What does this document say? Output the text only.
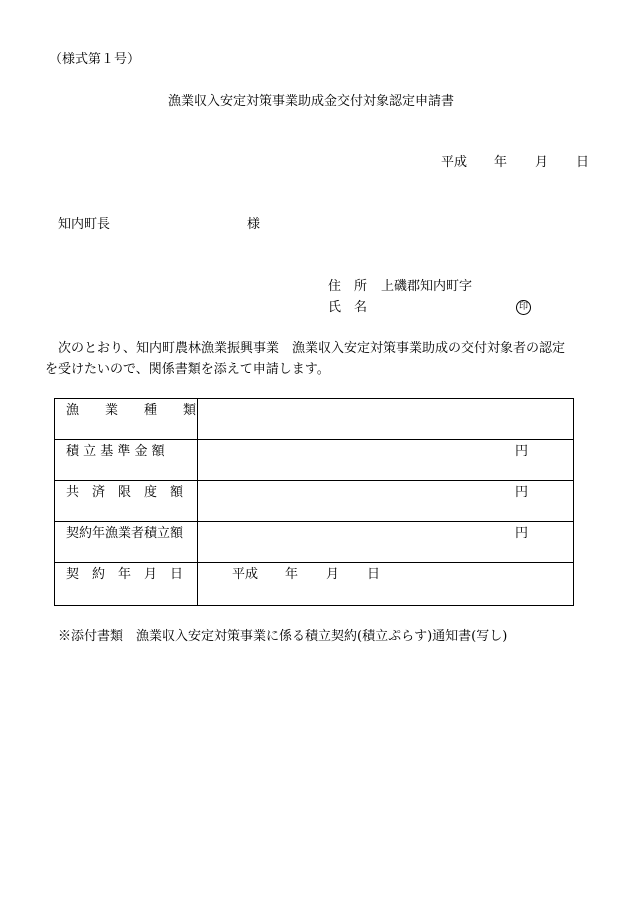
（様式第１号）
漁業収入安定対策事業助成金交付対象認定申請書
平成 年 月 日
知内町長	様
住　所 上磯郡知内町字
氏　名	印
次のとおり、知内町農林漁業振興事業　漁業収入安定対策事業助成の交付対象者の認定
を受けたいので、関係書類を添えて申請します。
漁　　業　　種　　類
積 立 基 準 金 額	円
共　済　限　度　額	円
契約年漁業者積立額	円
契　約　年　月　日	平成 年 月 日
※添付書類　漁業収入安定対策事業に係る積立契約(積立ぷらす)通知書(写し)
